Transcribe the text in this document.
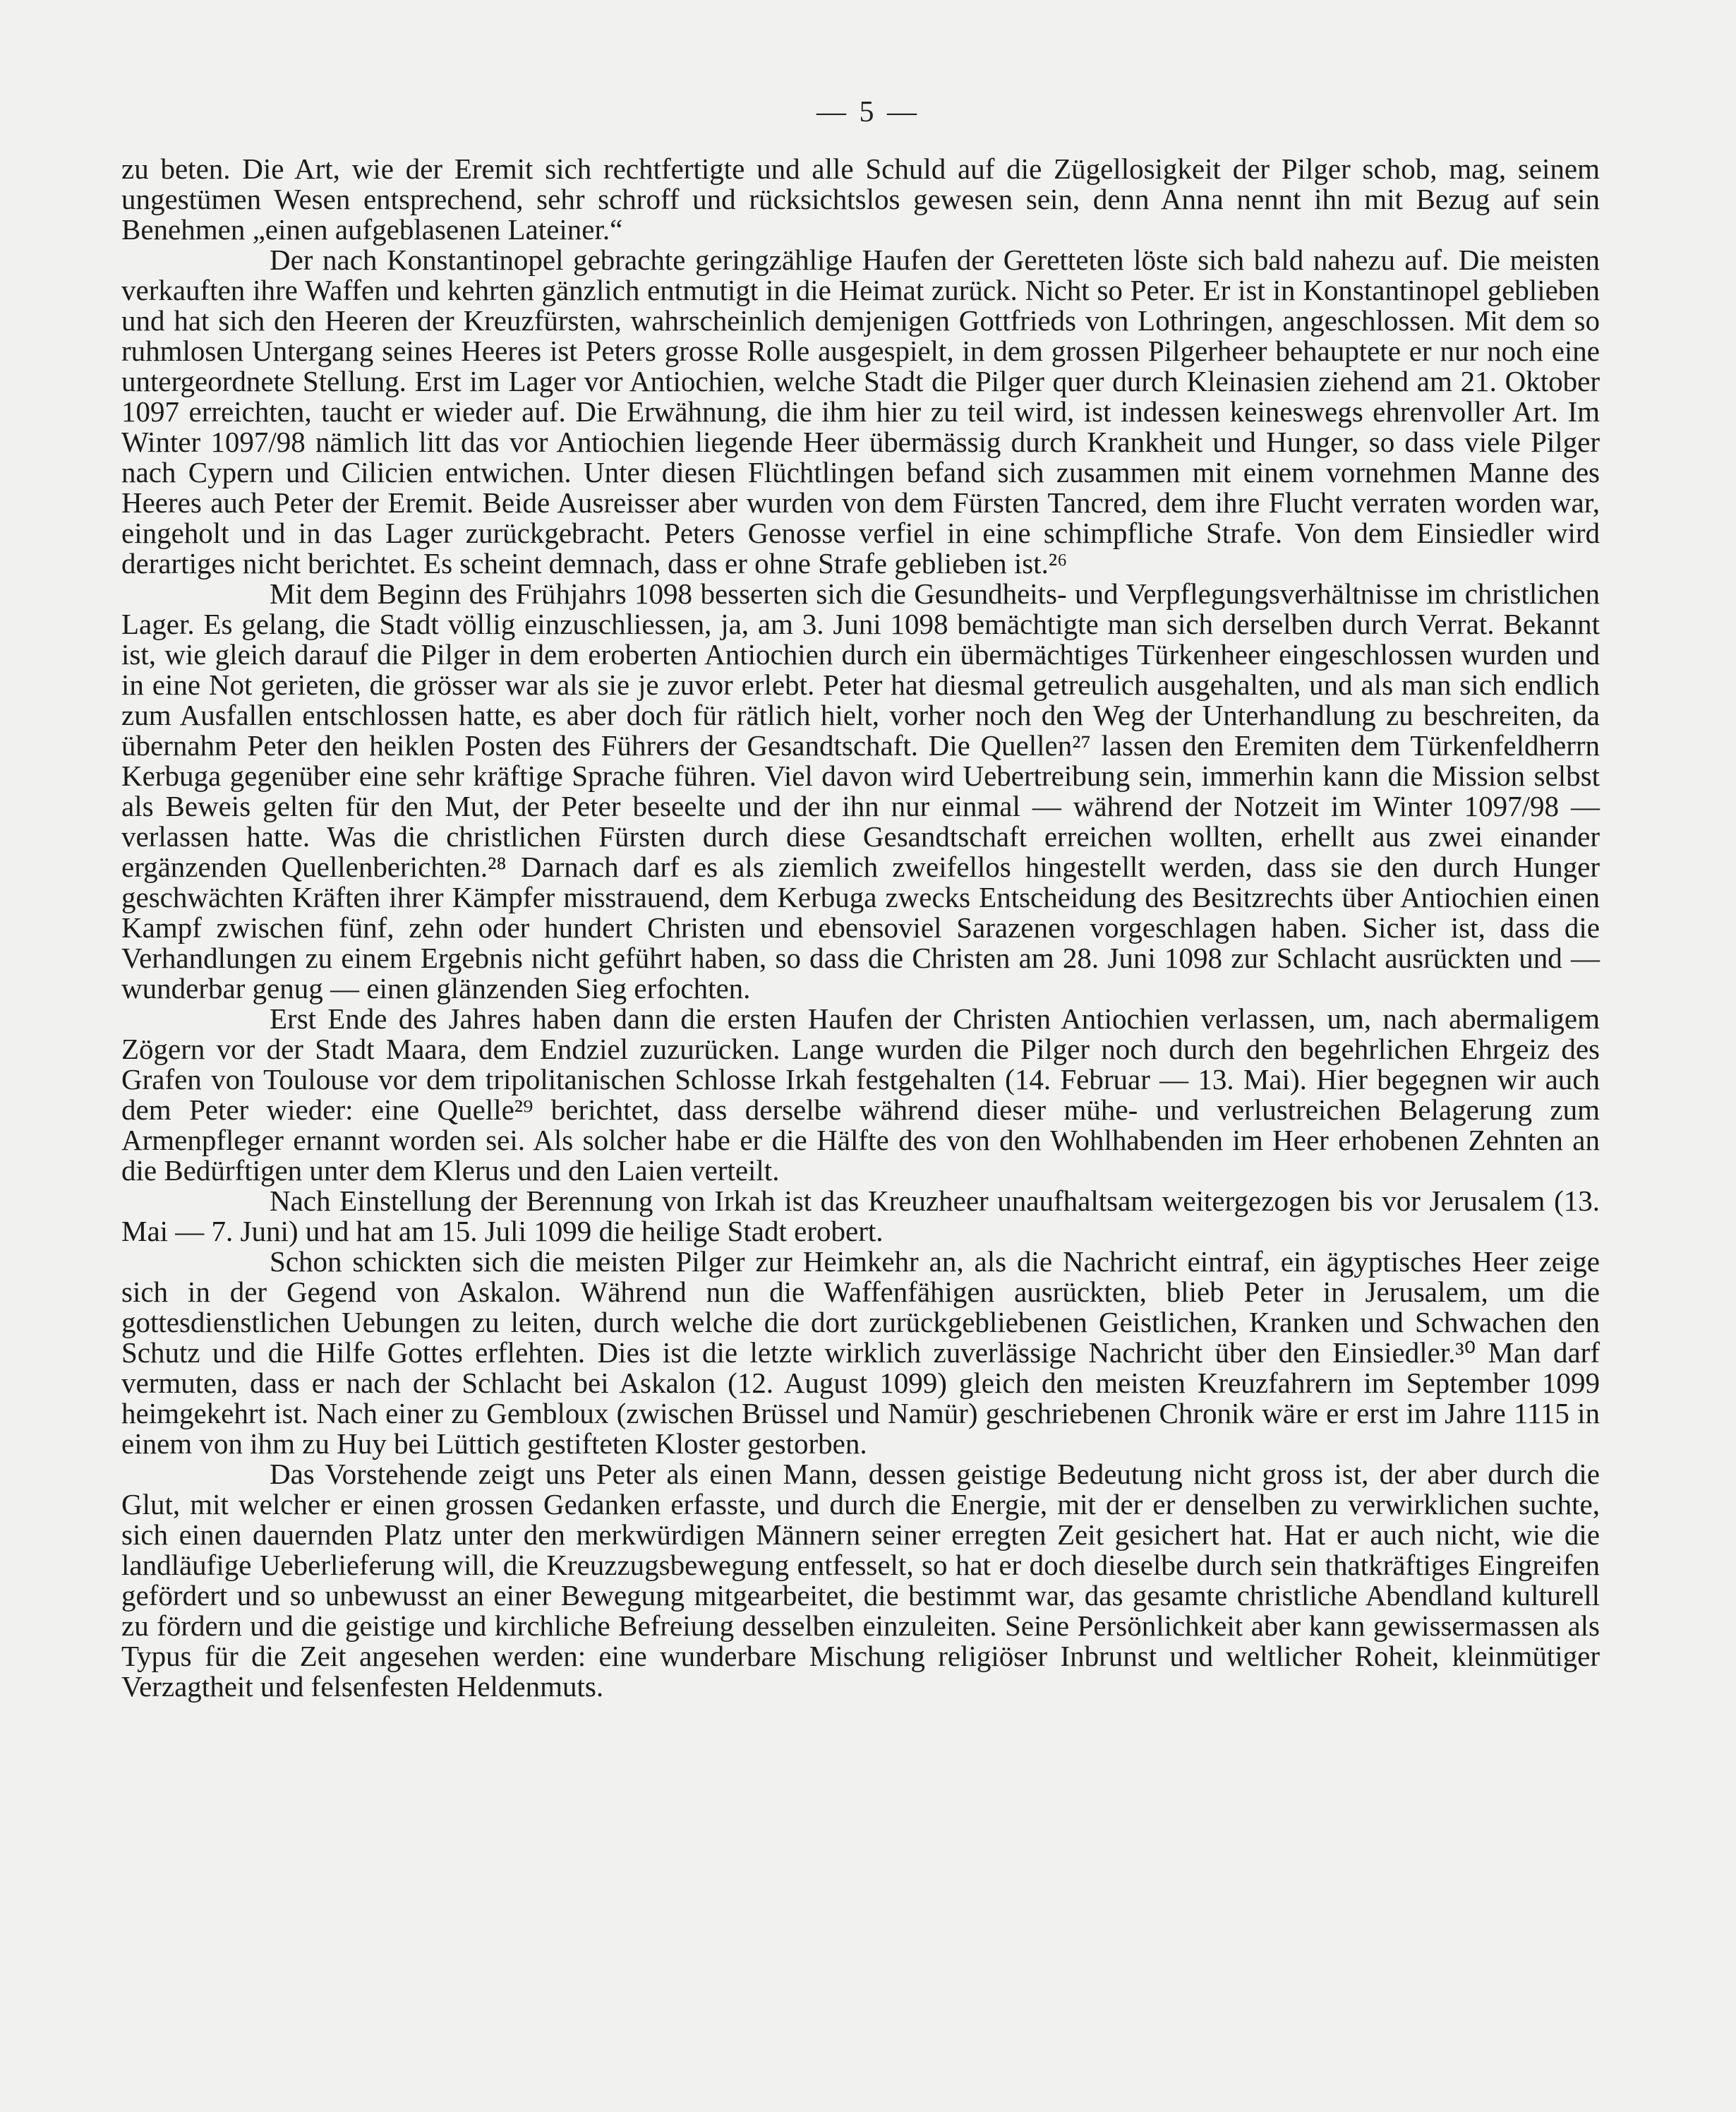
— 5 —

zu beten. Die Art, wie der Eremit sich rechtfertigte und alle Schuld auf die Zügellosigkeit der Pilger schob, mag, seinem ungestümen Wesen entsprechend, sehr schroff und rücksichtslos gewesen sein, denn Anna nennt ihn mit Bezug auf sein Benehmen „einen aufgeblasenen Lateiner.“

Der nach Konstantinopel gebrachte geringzählige Haufen der Geretteten löste sich bald nahezu auf. Die meisten verkauften ihre Waffen und kehrten gänzlich entmutigt in die Heimat zurück. Nicht so Peter. Er ist in Konstantinopel geblieben und hat sich den Heeren der Kreuzfürsten, wahrscheinlich demjenigen Gottfrieds von Lothringen, angeschlossen. Mit dem so ruhmlosen Untergang seines Heeres ist Peters grosse Rolle ausgespielt, in dem grossen Pilgerheer behauptete er nur noch eine untergeordnete Stellung. Erst im Lager vor Antiochien, welche Stadt die Pilger quer durch Kleinasien ziehend am 21. Oktober 1097 erreichten, taucht er wieder auf. Die Erwähnung, die ihm hier zu teil wird, ist indessen keineswegs ehrenvoller Art. Im Winter 1097/98 nämlich litt das vor Antiochien liegende Heer übermässig durch Krankheit und Hunger, so dass viele Pilger nach Cypern und Cilicien entwichen. Unter diesen Flüchtlingen befand sich zusammen mit einem vornehmen Manne des Heeres auch Peter der Eremit. Beide Ausreisser aber wurden von dem Fürsten Tancred, dem ihre Flucht verraten worden war, eingeholt und in das Lager zurückgebracht. Peters Genosse verfiel in eine schimpfliche Strafe. Von dem Einsiedler wird derartiges nicht berichtet. Es scheint demnach, dass er ohne Strafe geblieben ist.²⁶

Mit dem Beginn des Frühjahrs 1098 besserten sich die Gesundheits- und Verpflegungsverhältnisse im christlichen Lager. Es gelang, die Stadt völlig einzuschliessen, ja, am 3. Juni 1098 bemächtigte man sich derselben durch Verrat. Bekannt ist, wie gleich darauf die Pilger in dem eroberten Antiochien durch ein übermächtiges Türkenheer eingeschlossen wurden und in eine Not gerieten, die grösser war als sie je zuvor erlebt. Peter hat diesmal getreulich ausgehalten, und als man sich endlich zum Ausfallen entschlossen hatte, es aber doch für rätlich hielt, vorher noch den Weg der Unterhandlung zu beschreiten, da übernahm Peter den heiklen Posten des Führers der Gesandtschaft. Die Quellen²⁷ lassen den Eremiten dem Türkenfeldherrn Kerbuga gegenüber eine sehr kräftige Sprache führen. Viel davon wird Uebertreibung sein, immerhin kann die Mission selbst als Beweis gelten für den Mut, der Peter beseelte und der ihn nur einmal — während der Notzeit im Winter 1097/98 — verlassen hatte. Was die christlichen Fürsten durch diese Gesandtschaft erreichen wollten, erhellt aus zwei einander ergänzenden Quellenberichten.²⁸ Darnach darf es als ziemlich zweifellos hingestellt werden, dass sie den durch Hunger geschwächten Kräften ihrer Kämpfer misstrauend, dem Kerbuga zwecks Entscheidung des Besitzrechts über Antiochien einen Kampf zwischen fünf, zehn oder hundert Christen und ebensoviel Sarazenen vorgeschlagen haben. Sicher ist, dass die Verhandlungen zu einem Ergebnis nicht geführt haben, so dass die Christen am 28. Juni 1098 zur Schlacht ausrückten und — wunderbar genug — einen glänzenden Sieg erfochten.

Erst Ende des Jahres haben dann die ersten Haufen der Christen Antiochien verlassen, um, nach abermaligem Zögern vor der Stadt Maara, dem Endziel zuzurücken. Lange wurden die Pilger noch durch den begehrlichen Ehrgeiz des Grafen von Toulouse vor dem tripolitanischen Schlosse Irkah festgehalten (14. Februar — 13. Mai). Hier begegnen wir auch dem Peter wieder: eine Quelle²⁹ berichtet, dass derselbe während dieser mühe- und verlustreichen Belagerung zum Armenpfleger ernannt worden sei. Als solcher habe er die Hälfte des von den Wohlhabenden im Heer erhobenen Zehnten an die Bedürftigen unter dem Klerus und den Laien verteilt.

Nach Einstellung der Berennung von Irkah ist das Kreuzheer unaufhaltsam weitergezogen bis vor Jerusalem (13. Mai — 7. Juni) und hat am 15. Juli 1099 die heilige Stadt erobert.

Schon schickten sich die meisten Pilger zur Heimkehr an, als die Nachricht eintraf, ein ägyptisches Heer zeige sich in der Gegend von Askalon. Während nun die Waffenfähigen ausrückten, blieb Peter in Jerusalem, um die gottesdienstlichen Uebungen zu leiten, durch welche die dort zurückgebliebenen Geistlichen, Kranken und Schwachen den Schutz und die Hilfe Gottes erflehten. Dies ist die letzte wirklich zuverlässige Nachricht über den Einsiedler.³⁰ Man darf vermuten, dass er nach der Schlacht bei Askalon (12. August 1099) gleich den meisten Kreuzfahrern im September 1099 heimgekehrt ist. Nach einer zu Gembloux (zwischen Brüssel und Namür) geschriebenen Chronik wäre er erst im Jahre 1115 in einem von ihm zu Huy bei Lüttich gestifteten Kloster gestorben.

Das Vorstehende zeigt uns Peter als einen Mann, dessen geistige Bedeutung nicht gross ist, der aber durch die Glut, mit welcher er einen grossen Gedanken erfasste, und durch die Energie, mit der er denselben zu verwirklichen suchte, sich einen dauernden Platz unter den merkwürdigen Männern seiner erregten Zeit gesichert hat. Hat er auch nicht, wie die landläufige Ueberlieferung will, die Kreuzzugsbewegung entfesselt, so hat er doch dieselbe durch sein thatkräftiges Eingreifen gefördert und so unbewusst an einer Bewegung mitgearbeitet, die bestimmt war, das gesamte christliche Abendland kulturell zu fördern und die geistige und kirchliche Befreiung desselben einzuleiten. Seine Persönlichkeit aber kann gewissermassen als Typus für die Zeit angesehen werden: eine wunderbare Mischung religiöser Inbrunst und weltlicher Roheit, kleinmütiger Verzagtheit und felsenfesten Heldenmuts.
